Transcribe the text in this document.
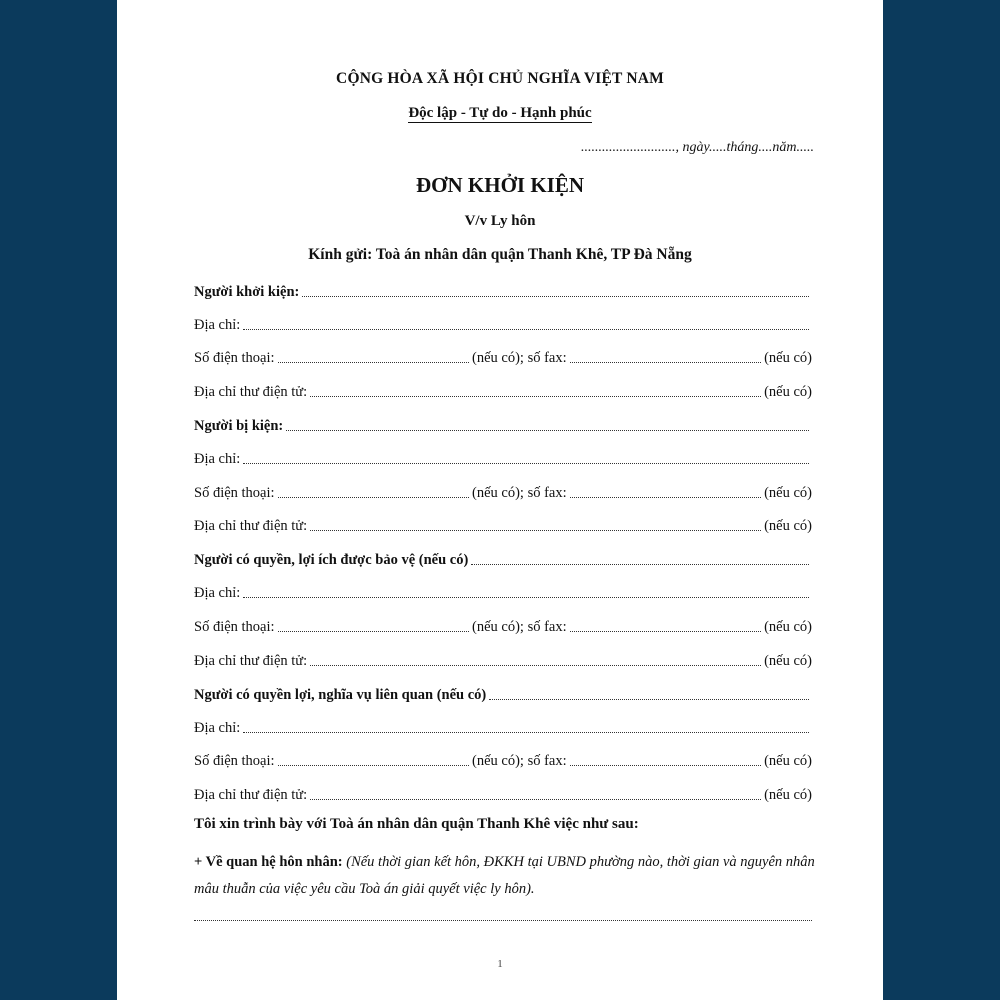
CỘNG HÒA XÃ HỘI CHỦ NGHĨA VIỆT NAM
Độc lập - Tự do - Hạnh phúc
..........................., ngày.....tháng....năm.....
ĐƠN KHỞI KIỆN
V/v Ly hôn
Kính gửi: Toà án nhân dân quận Thanh Khê, TP Đà Nẵng
Người khởi kiện:
Địa chỉ:
Số điện thoại:	(nếu có); số fax:	(nếu có)
Địa chỉ thư điện tử:	(nếu có)
Người bị kiện:
Địa chỉ:
Số điện thoại:	(nếu có); số fax:	(nếu có)
Địa chỉ thư điện tử:	(nếu có)
Người có quyền, lợi ích được bảo vệ (nếu có)
Địa chỉ:
Số điện thoại:	(nếu có); số fax:	(nếu có)
Địa chỉ thư điện tử:	(nếu có)
Người có quyền lợi, nghĩa vụ liên quan (nếu có)
Địa chỉ:
Số điện thoại:	(nếu có); số fax:	(nếu có)
Địa chỉ thư điện tử:	(nếu có)
Tôi xin trình bày với Toà án nhân dân quận Thanh Khê việc như sau:
+ Về quan hệ hôn nhân: (Nếu thời gian kết hôn, ĐKKH tại UBND phường nào, thời gian và nguyên nhân mâu thuẫn của việc yêu cầu Toà án giải quyết việc ly hôn).
1
